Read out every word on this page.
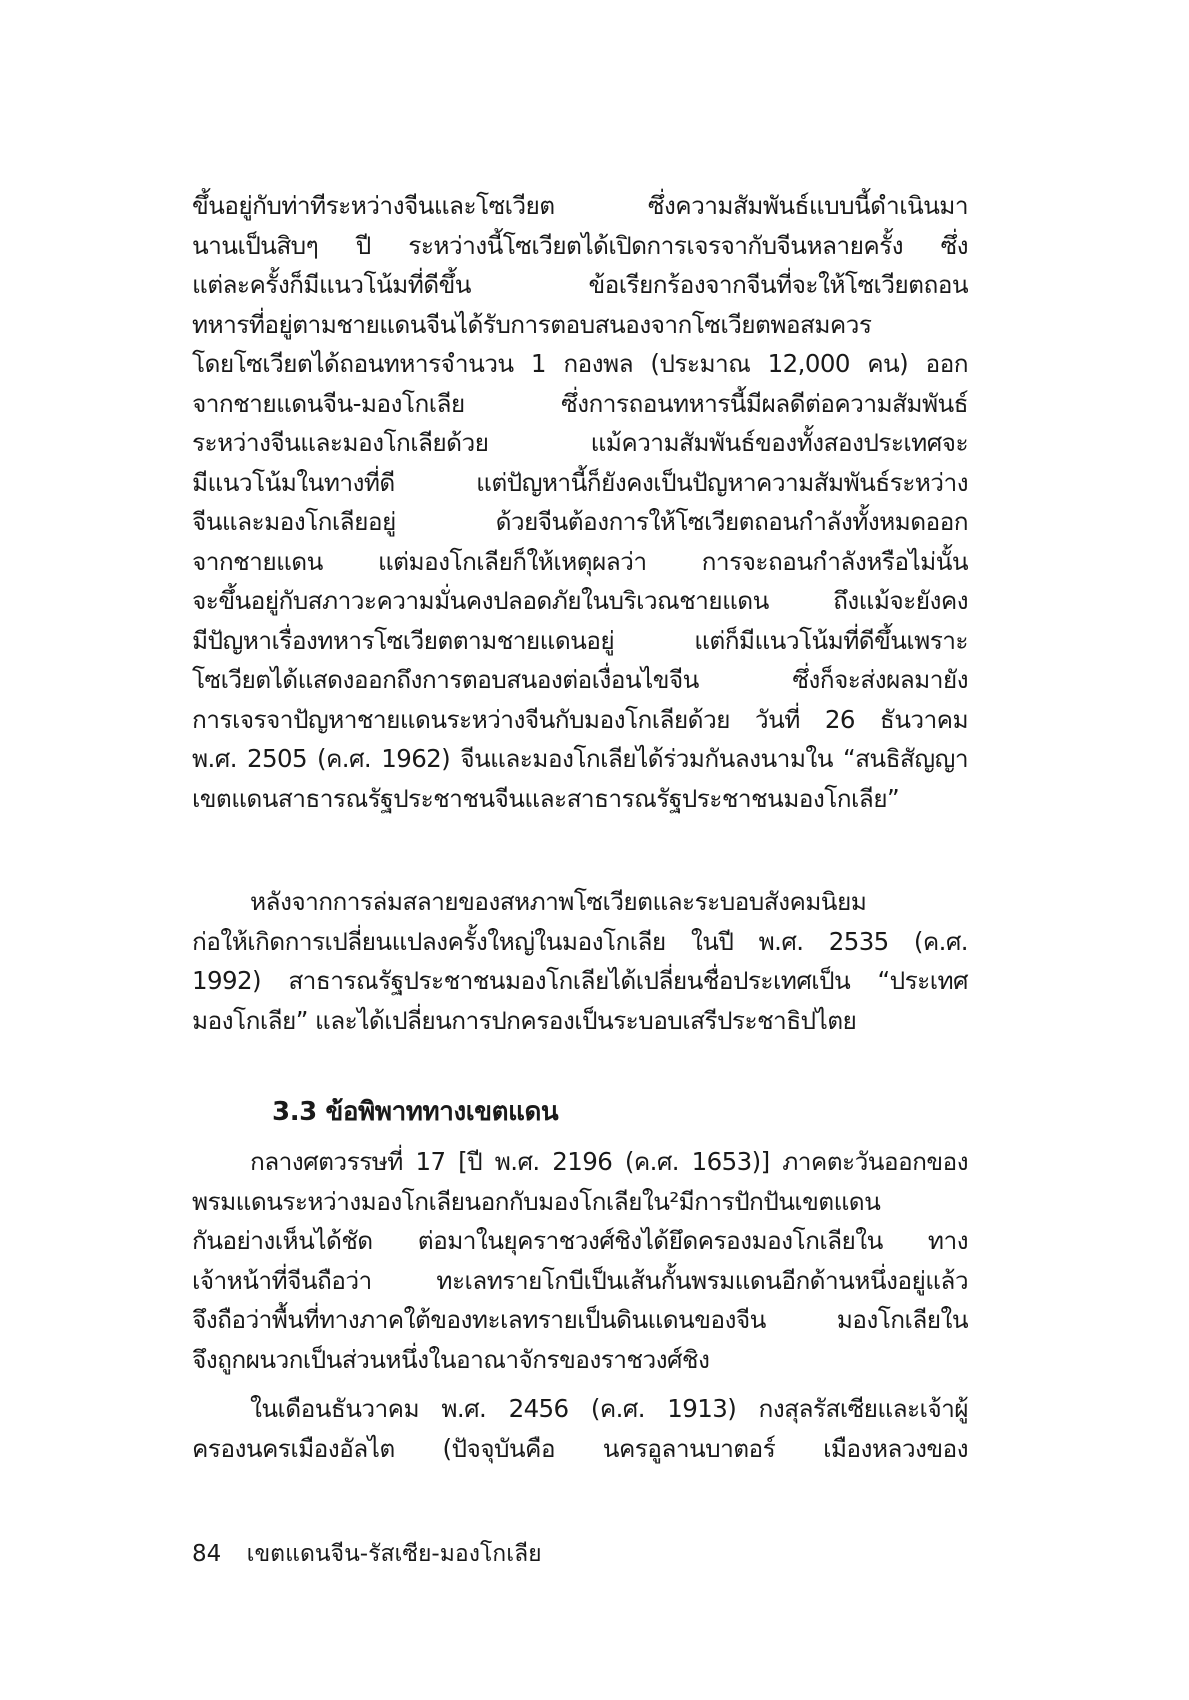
ขึ้นอยู่กับท่าทีระหว่างจีนและโซเวียต ซึ่งความสัมพันธ์แบบนี้ดำเนินมา
นานเป็นสิบๆ ปี ระหว่างนี้โซเวียตได้เปิดการเจรจากับจีนหลายครั้ง ซึ่ง
แต่ละครั้งก็มีแนวโน้มที่ดีขึ้น ข้อเรียกร้องจากจีนที่จะให้โซเวียตถอน
ทหารที่อยู่ตามชายแดนจีนได้รับการตอบสนองจากโซเวียตพอสมควร
โดยโซเวียตได้ถอนทหารจำนวน 1 กองพล (ประมาณ 12,000 คน) ออก
จากชายแดนจีน-มองโกเลีย ซึ่งการถอนทหารนี้มีผลดีต่อความสัมพันธ์
ระหว่างจีนและมองโกเลียด้วย แม้ความสัมพันธ์ของทั้งสองประเทศจะ
มีแนวโน้มในทางที่ดี แต่ปัญหานี้ก็ยังคงเป็นปัญหาความสัมพันธ์ระหว่าง
จีนและมองโกเลียอยู่ ด้วยจีนต้องการให้โซเวียตถอนกำลังทั้งหมดออก
จากชายแดน แต่มองโกเลียก็ให้เหตุผลว่า การจะถอนกำลังหรือไม่นั้น
จะขึ้นอยู่กับสภาวะความมั่นคงปลอดภัยในบริเวณชายแดน ถึงแม้จะยังคง
มีปัญหาเรื่องทหารโซเวียตตามชายแดนอยู่ แต่ก็มีแนวโน้มที่ดีขึ้นเพราะ
โซเวียตได้แสดงออกถึงการตอบสนองต่อเงื่อนไขจีน ซึ่งก็จะส่งผลมายัง
การเจรจาปัญหาชายแดนระหว่างจีนกับมองโกเลียด้วย วันที่ 26 ธันวาคม
พ.ศ. 2505 (ค.ศ. 1962) จีนและมองโกเลียได้ร่วมกันลงนามใน “สนธิสัญญา
เขตแดนสาธารณรัฐประชาชนจีนและสาธารณรัฐประชาชนมองโกเลีย”
หลังจากการล่มสลายของสหภาพโซเวียตและระบอบสังคมนิยม
ก่อให้เกิดการเปลี่ยนแปลงครั้งใหญ่ในมองโกเลีย ในปี พ.ศ. 2535 (ค.ศ.
1992) สาธารณรัฐประชาชนมองโกเลียได้เปลี่ยนชื่อประเทศเป็น “ประเทศ
มองโกเลีย” และได้เปลี่ยนการปกครองเป็นระบอบเสรีประชาธิปไตย
3.3 ข้อพิพาททางเขตแดน
กลางศตวรรษที่ 17 [ปี พ.ศ. 2196 (ค.ศ. 1653)] ภาคตะวันออกของ
พรมแดนระหว่างมองโกเลียนอกกับมองโกเลียใน²มีการปักปันเขตแดน
กันอย่างเห็นได้ชัด ต่อมาในยุคราชวงศ์ชิงได้ยึดครองมองโกเลียใน ทาง
เจ้าหน้าที่จีนถือว่า ทะเลทรายโกบีเป็นเส้นกั้นพรมแดนอีกด้านหนึ่งอยู่แล้ว
จึงถือว่าพื้นที่ทางภาคใต้ของทะเลทรายเป็นดินแดนของจีน มองโกเลียใน
จึงถูกผนวกเป็นส่วนหนึ่งในอาณาจักรของราชวงศ์ชิง
ในเดือนธันวาคม พ.ศ. 2456 (ค.ศ. 1913) กงสุลรัสเซียและเจ้าผู้
ครองนครเมืองอัลไต (ปัจจุบันคือ นครอูลานบาตอร์ เมืองหลวงของ
84 เขตแดนจีน-รัสเซีย-มองโกเลีย
